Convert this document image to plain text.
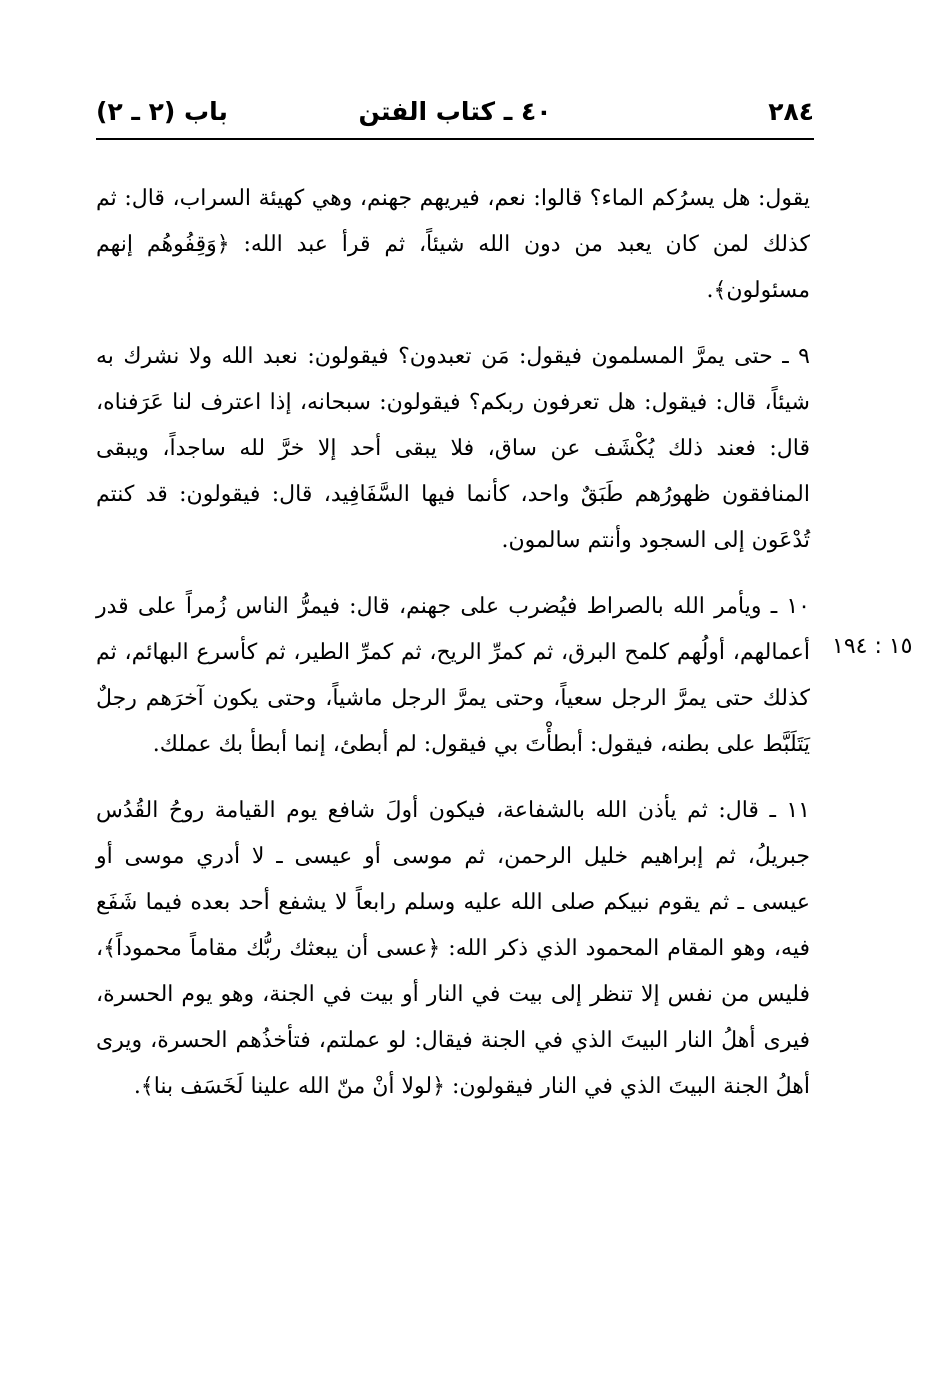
باب (٢ ـ ٢)	٤٠ ـ كتاب الفتن	٢٨٤

يقول: هل يسرُكم الماء؟ قالوا: نعم، فيريهم جهنم، وهي كهيئة السراب، قال: ثم كذلك لمن كان يعبد من دون الله شيئاً، ثم قرأ عبد الله: ﴿وَقِفُوهُم إنهم مسئولون﴾.

٩ ـ حتى يمرَّ المسلمون فيقول: مَن تعبدون؟ فيقولون: نعبد الله ولا نشرك به شيئاً، قال: فيقول: هل تعرفون ربكم؟ فيقولون: سبحانه، إذا اعترف لنا عَرَفناه، قال: فعند ذلك يُكْشَف عن ساق، فلا يبقى أحد إلا خرَّ لله ساجداً، ويبقى المنافقون ظهورُهم طَبَقٌ واحد، كأنما فيها السَّفَافِيد، قال: فيقولون: قد كنتم تُدْعَون إلى السجود وأنتم سالمون.

١٠ ـ ويأمر الله بالصراط فيُضرب على جهنم، قال: فيمرُّ الناس زُمراً على قدر أعمالهم، أولُهم كلمح البرق، ثم كمرِّ الريح، ثم كمرِّ الطير، ثم كأسرع البهائم، ثم كذلك حتى يمرَّ الرجل سعياً، وحتى يمرَّ الرجل ماشياً، وحتى يكون آخرَهم رجلٌ يَتَلَبَّط على بطنه، فيقول: أبطأْتَ بي فيقول: لم أبطئ، إنما أبطأ بك عملك.

١١ ـ قال: ثم يأذن الله بالشفاعة، فيكون أولَ شافع يوم القيامة روحُ القُدُس جبريلُ، ثم إبراهيم خليل الرحمن، ثم موسى أو عيسى ـ لا أدري موسى أو عيسى ـ ثم يقوم نبيكم صلى الله عليه وسلم رابعاً لا يشفع أحد بعده فيما شَفَع فيه، وهو المقام المحمود الذي ذكر الله: ﴿عسى أن يبعثك ربُّك مقاماً محموداً﴾، فليس من نفس إلا تنظر إلى بيت في النار أو بيت في الجنة، وهو يوم الحسرة، فيرى أهلُ النار البيتَ الذي في الجنة فيقال: لو عملتم، فتأخذُهم الحسرة، ويرى أهلُ الجنة البيتَ الذي في النار فيقولون: ﴿لولا أنْ منّ الله علينا لَخَسَف بنا﴾.

١٥ : ١٩٤
